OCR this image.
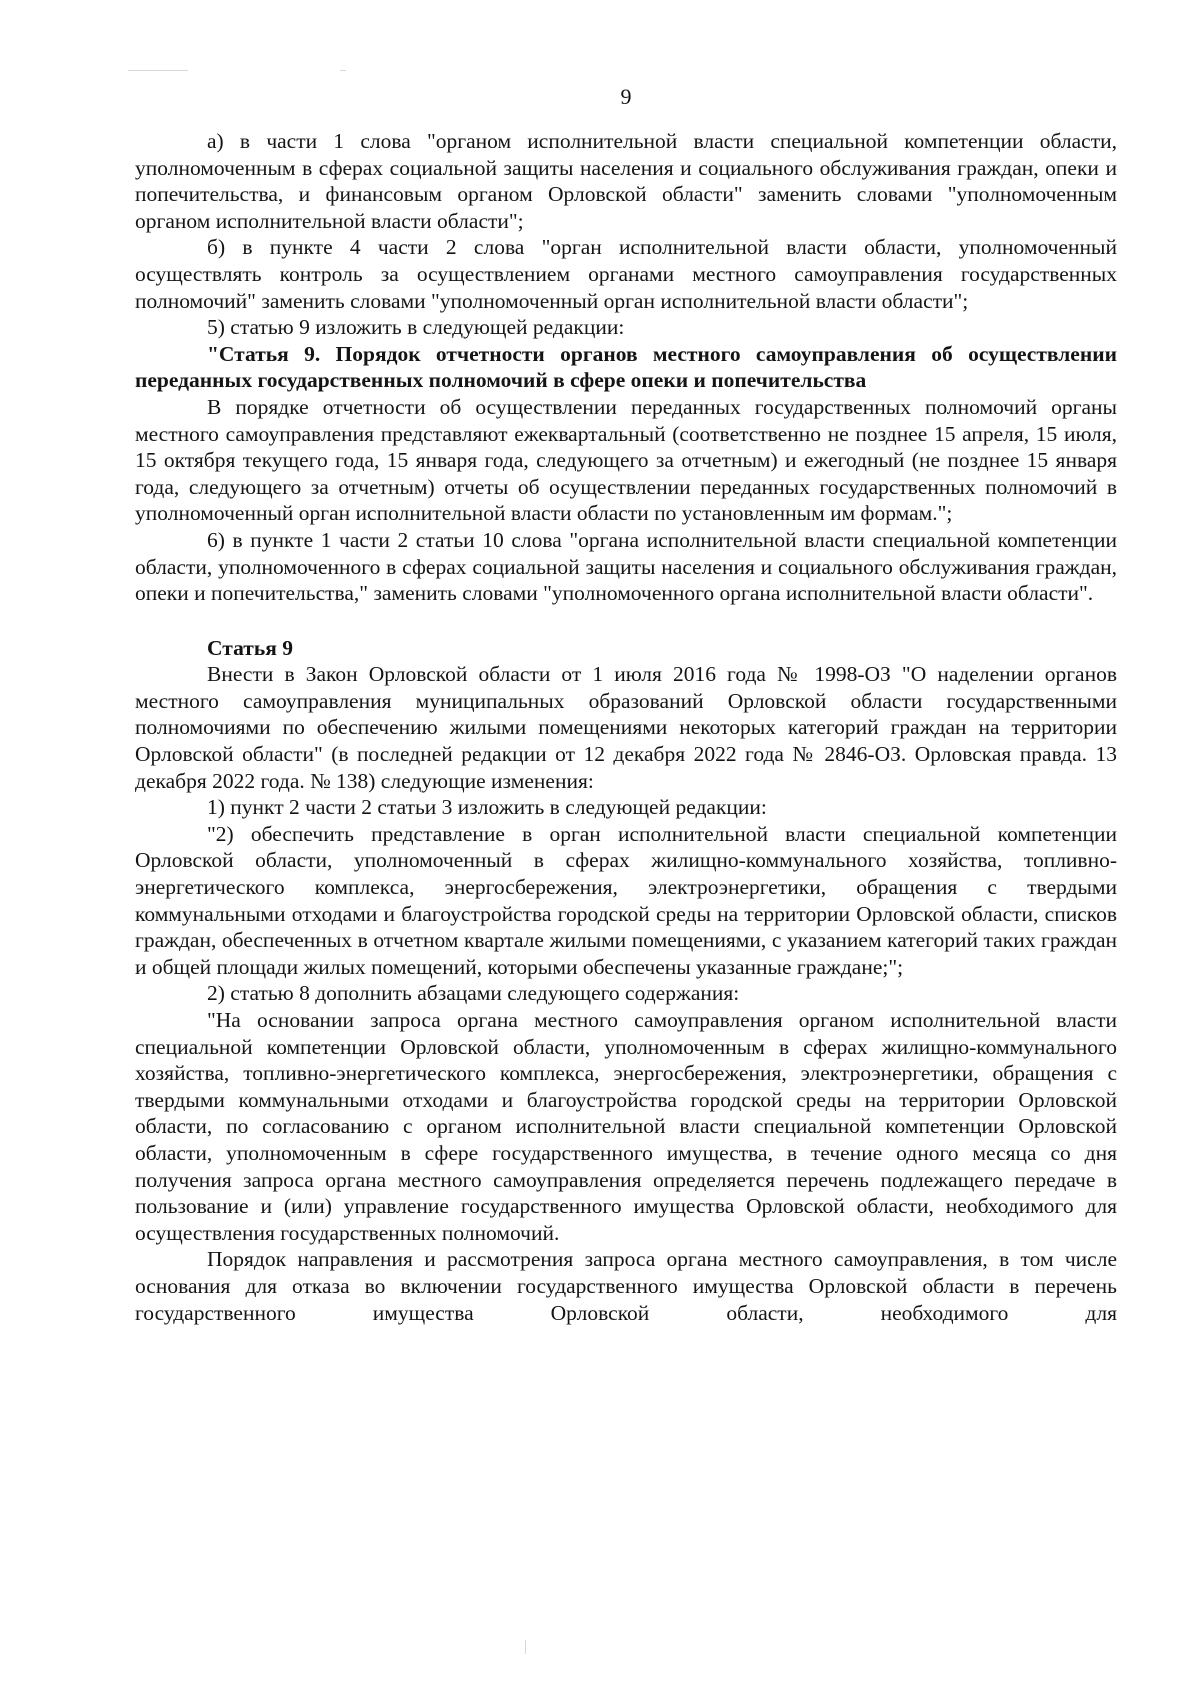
9

а) в части 1 слова "органом исполнительной власти специальной компетенции области, уполномоченным в сферах социальной защиты населения и социального обслуживания граждан, опеки и попечительства, и финансовым органом Орловской области" заменить словами "уполномоченным органом исполнительной власти области";

б) в пункте 4 части 2 слова "орган исполнительной власти области, уполномоченный осуществлять контроль за осуществлением органами местного самоуправления государственных полномочий" заменить словами "уполномоченный орган исполнительной власти области";

5) статью 9 изложить в следующей редакции:

"Статья 9. Порядок отчетности органов местного самоуправления об осуществлении переданных государственных полномочий в сфере опеки и попечительства

В порядке отчетности об осуществлении переданных государственных полномочий органы местного самоуправления представляют ежеквартальный (соответственно не позднее 15 апреля, 15 июля, 15 октября текущего года, 15 января года, следующего за отчетным) и ежегодный (не позднее 15 января года, следующего за отчетным) отчеты об осуществлении переданных государственных полномочий в уполномоченный орган исполнительной власти области по установленным им формам.";

6) в пункте 1 части 2 статьи 10 слова "органа исполнительной власти специальной компетенции области, уполномоченного в сферах социальной защиты населения и социального обслуживания граждан, опеки и попечительства," заменить словами "уполномоченного органа исполнительной власти области".

Статья 9

Внести в Закон Орловской области от 1 июля 2016 года № 1998-ОЗ "О наделении органов местного самоуправления муниципальных образований Орловской области государственными полномочиями по обеспечению жилыми помещениями некоторых категорий граждан на территории Орловской области" (в последней редакции от 12 декабря 2022 года № 2846-ОЗ. Орловская правда. 13 декабря 2022 года. № 138) следующие изменения:

1) пункт 2 части 2 статьи 3 изложить в следующей редакции:

"2) обеспечить представление в орган исполнительной власти специальной компетенции Орловской области, уполномоченный в сферах жилищно-коммунального хозяйства, топливно-энергетического комплекса, энергосбережения, электроэнергетики, обращения с твердыми коммунальными отходами и благоустройства городской среды на территории Орловской области, списков граждан, обеспеченных в отчетном квартале жилыми помещениями, с указанием категорий таких граждан и общей площади жилых помещений, которыми обеспечены указанные граждане;";

2) статью 8 дополнить абзацами следующего содержания:

"На основании запроса органа местного самоуправления органом исполнительной власти специальной компетенции Орловской области, уполномоченным в сферах жилищно-коммунального хозяйства, топливно-энергетического комплекса, энергосбережения, электроэнергетики, обращения с твердыми коммунальными отходами и благоустройства городской среды на территории Орловской области, по согласованию с органом исполнительной власти специальной компетенции Орловской области, уполномоченным в сфере государственного имущества, в течение одного месяца со дня получения запроса органа местного самоуправления определяется перечень подлежащего передаче в пользование и (или) управление государственного имущества Орловской области, необходимого для осуществления государственных полномочий.

Порядок направления и рассмотрения запроса органа местного самоуправления, в том числе основания для отказа во включении государственного имущества Орловской области в перечень государственного имущества Орловской области, необходимого для
